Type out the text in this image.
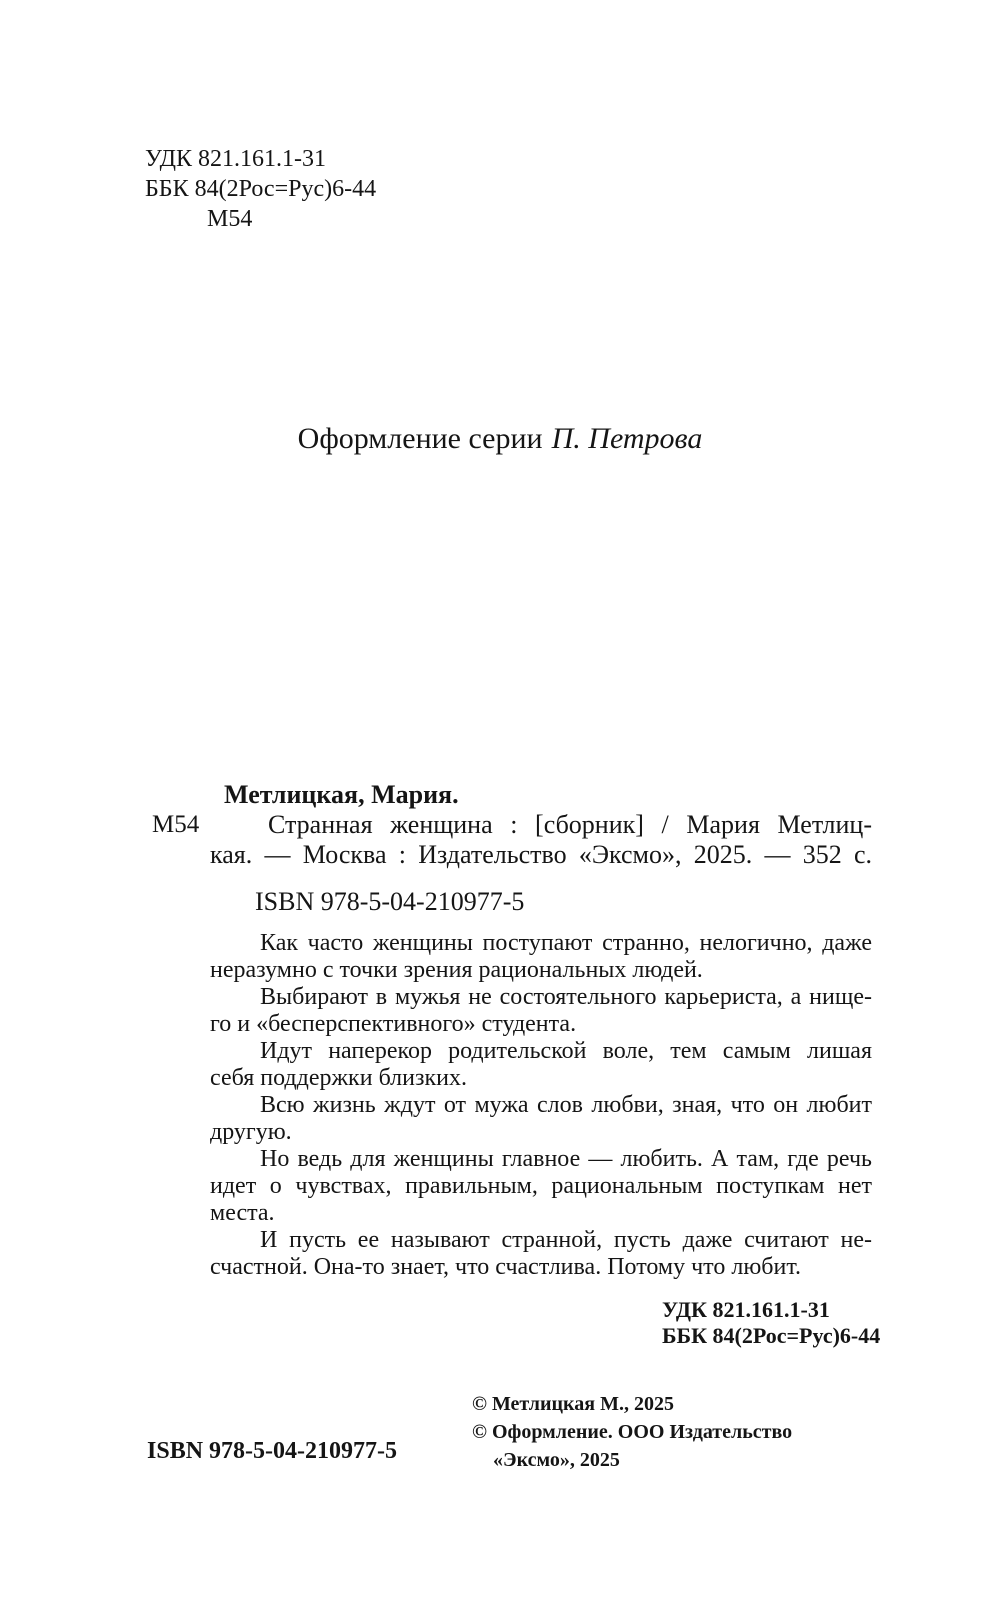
УДК 821.161.1-31
ББК 84(2Рос=Рус)6-44
М54
Оформление серии П. Петрова
М54
Метлицкая, Мария.
Странная женщина : [сборник] / Мария Метлиц-
кая. — Москва : Издательство «Эксмо», 2025. — 352 с.
ISBN 978-5-04-210977-5
Как часто женщины поступают странно, нелогично, даже
неразумно с точки зрения рациональных людей.
Выбирают в мужья не состоятельного карьериста, а нище-
го и «бесперспективного» студента.
Идут наперекор родительской воле, тем самым лишая
себя поддержки близких.
Всю жизнь ждут от мужа слов любви, зная, что он любит
другую.
Но ведь для женщины главное — любить. А там, где речь
идет о чувствах, правильным, рациональным поступкам нет
места.
И пусть ее называют странной, пусть даже считают не-
счастной. Она-то знает, что счастлива. Потому что любит.
УДК 821.161.1-31
ББК 84(2Рос=Рус)6-44
© Метлицкая М., 2025
© Оформление. ООО Издательство
«Эксмо», 2025
ISBN 978-5-04-210977-5
